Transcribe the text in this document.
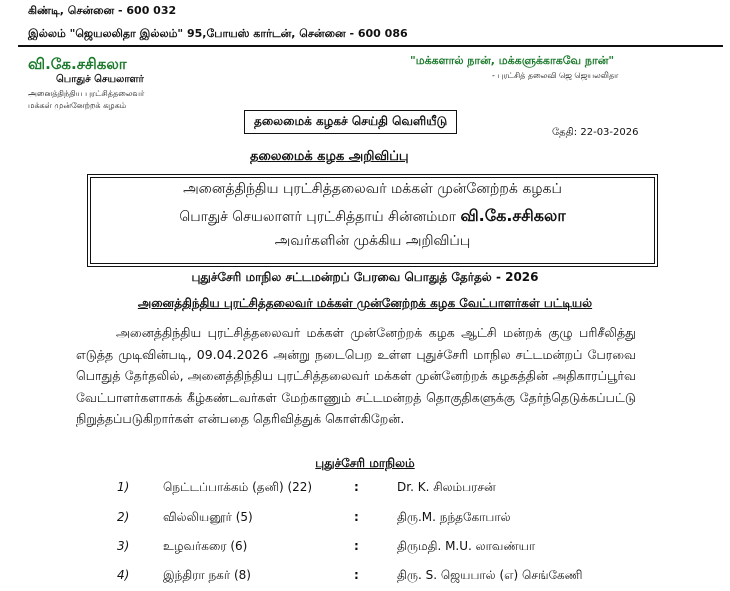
கிண்டி, சென்னை - 600 032
இல்லம் "ஜெயலலிதா இல்லம்" 95,போயஸ் கார்டன், சென்னை - 600 086
வி.கே.சசிகலா
பொதுச் செயலாளர்
அனைத்திந்திய புரட்சித்தலைவர்
மக்கள் முன்னேற்றக் கழகம்
"மக்களால் நான், மக்களுக்காகவே நான்"
- புரட்சித் தலைவி ஜெ ஜெயலலிதா
தலைமைக் கழகச் செய்தி வெளியீடு
தேதி: 22-03-2026
தலைமைக் கழக அறிவிப்பு
அனைத்திந்திய புரட்சித்தலைவர் மக்கள் முன்னேற்றக் கழகப்
பொதுச் செயலாளர் புரட்சித்தாய் சின்னம்மா வி.கே.சசிகலா
அவர்களின் முக்கிய அறிவிப்பு
புதுச்சேரி மாநில சட்டமன்றப் பேரவை பொதுத் தேர்தல் - 2026
அனைத்திந்திய புரட்சித்தலைவர் மக்கள் முன்னேற்றக் கழக வேட்பாளர்கள் பட்டியல்
அனைத்திந்திய புரட்சித்தலைவர் மக்கள் முன்னேற்றக் கழக ஆட்சி மன்றக் குழு பரிசீலித்து எடுத்த முடிவின்படி, 09.04.2026 அன்று நடைபெற உள்ள புதுச்சேரி மாநில சட்டமன்றப் பேரவை பொதுத் தேர்தலில், அனைத்திந்திய புரட்சித்தலைவர் மக்கள் முன்னேற்றக் கழகத்தின் அதிகாரப்பூர்வ வேட்பாளர்களாகக் கீழ்கண்டவர்கள் மேற்காணும் சட்டமன்றத் தொகுதிகளுக்கு தேர்ந்தெடுக்கப்பட்டு நிறுத்தப்படுகிறார்கள் என்பதை தெரிவித்துக் கொள்கிறேன்.
புதுச்சேரி மாநிலம்
1)	நெட்டப்பாக்கம் (தனி) (22)	:	Dr. K. சிலம்பரசன்
2)	வில்லியனூர் (5)	:	திரு.M. நந்தகோபால்
3)	உழவர்கரை (6)	:	திருமதி. M.U. லாவண்யா
4)	இந்திரா நகர் (8)	:	திரு. S. ஜெயபால் (எ) செங்கேணி
